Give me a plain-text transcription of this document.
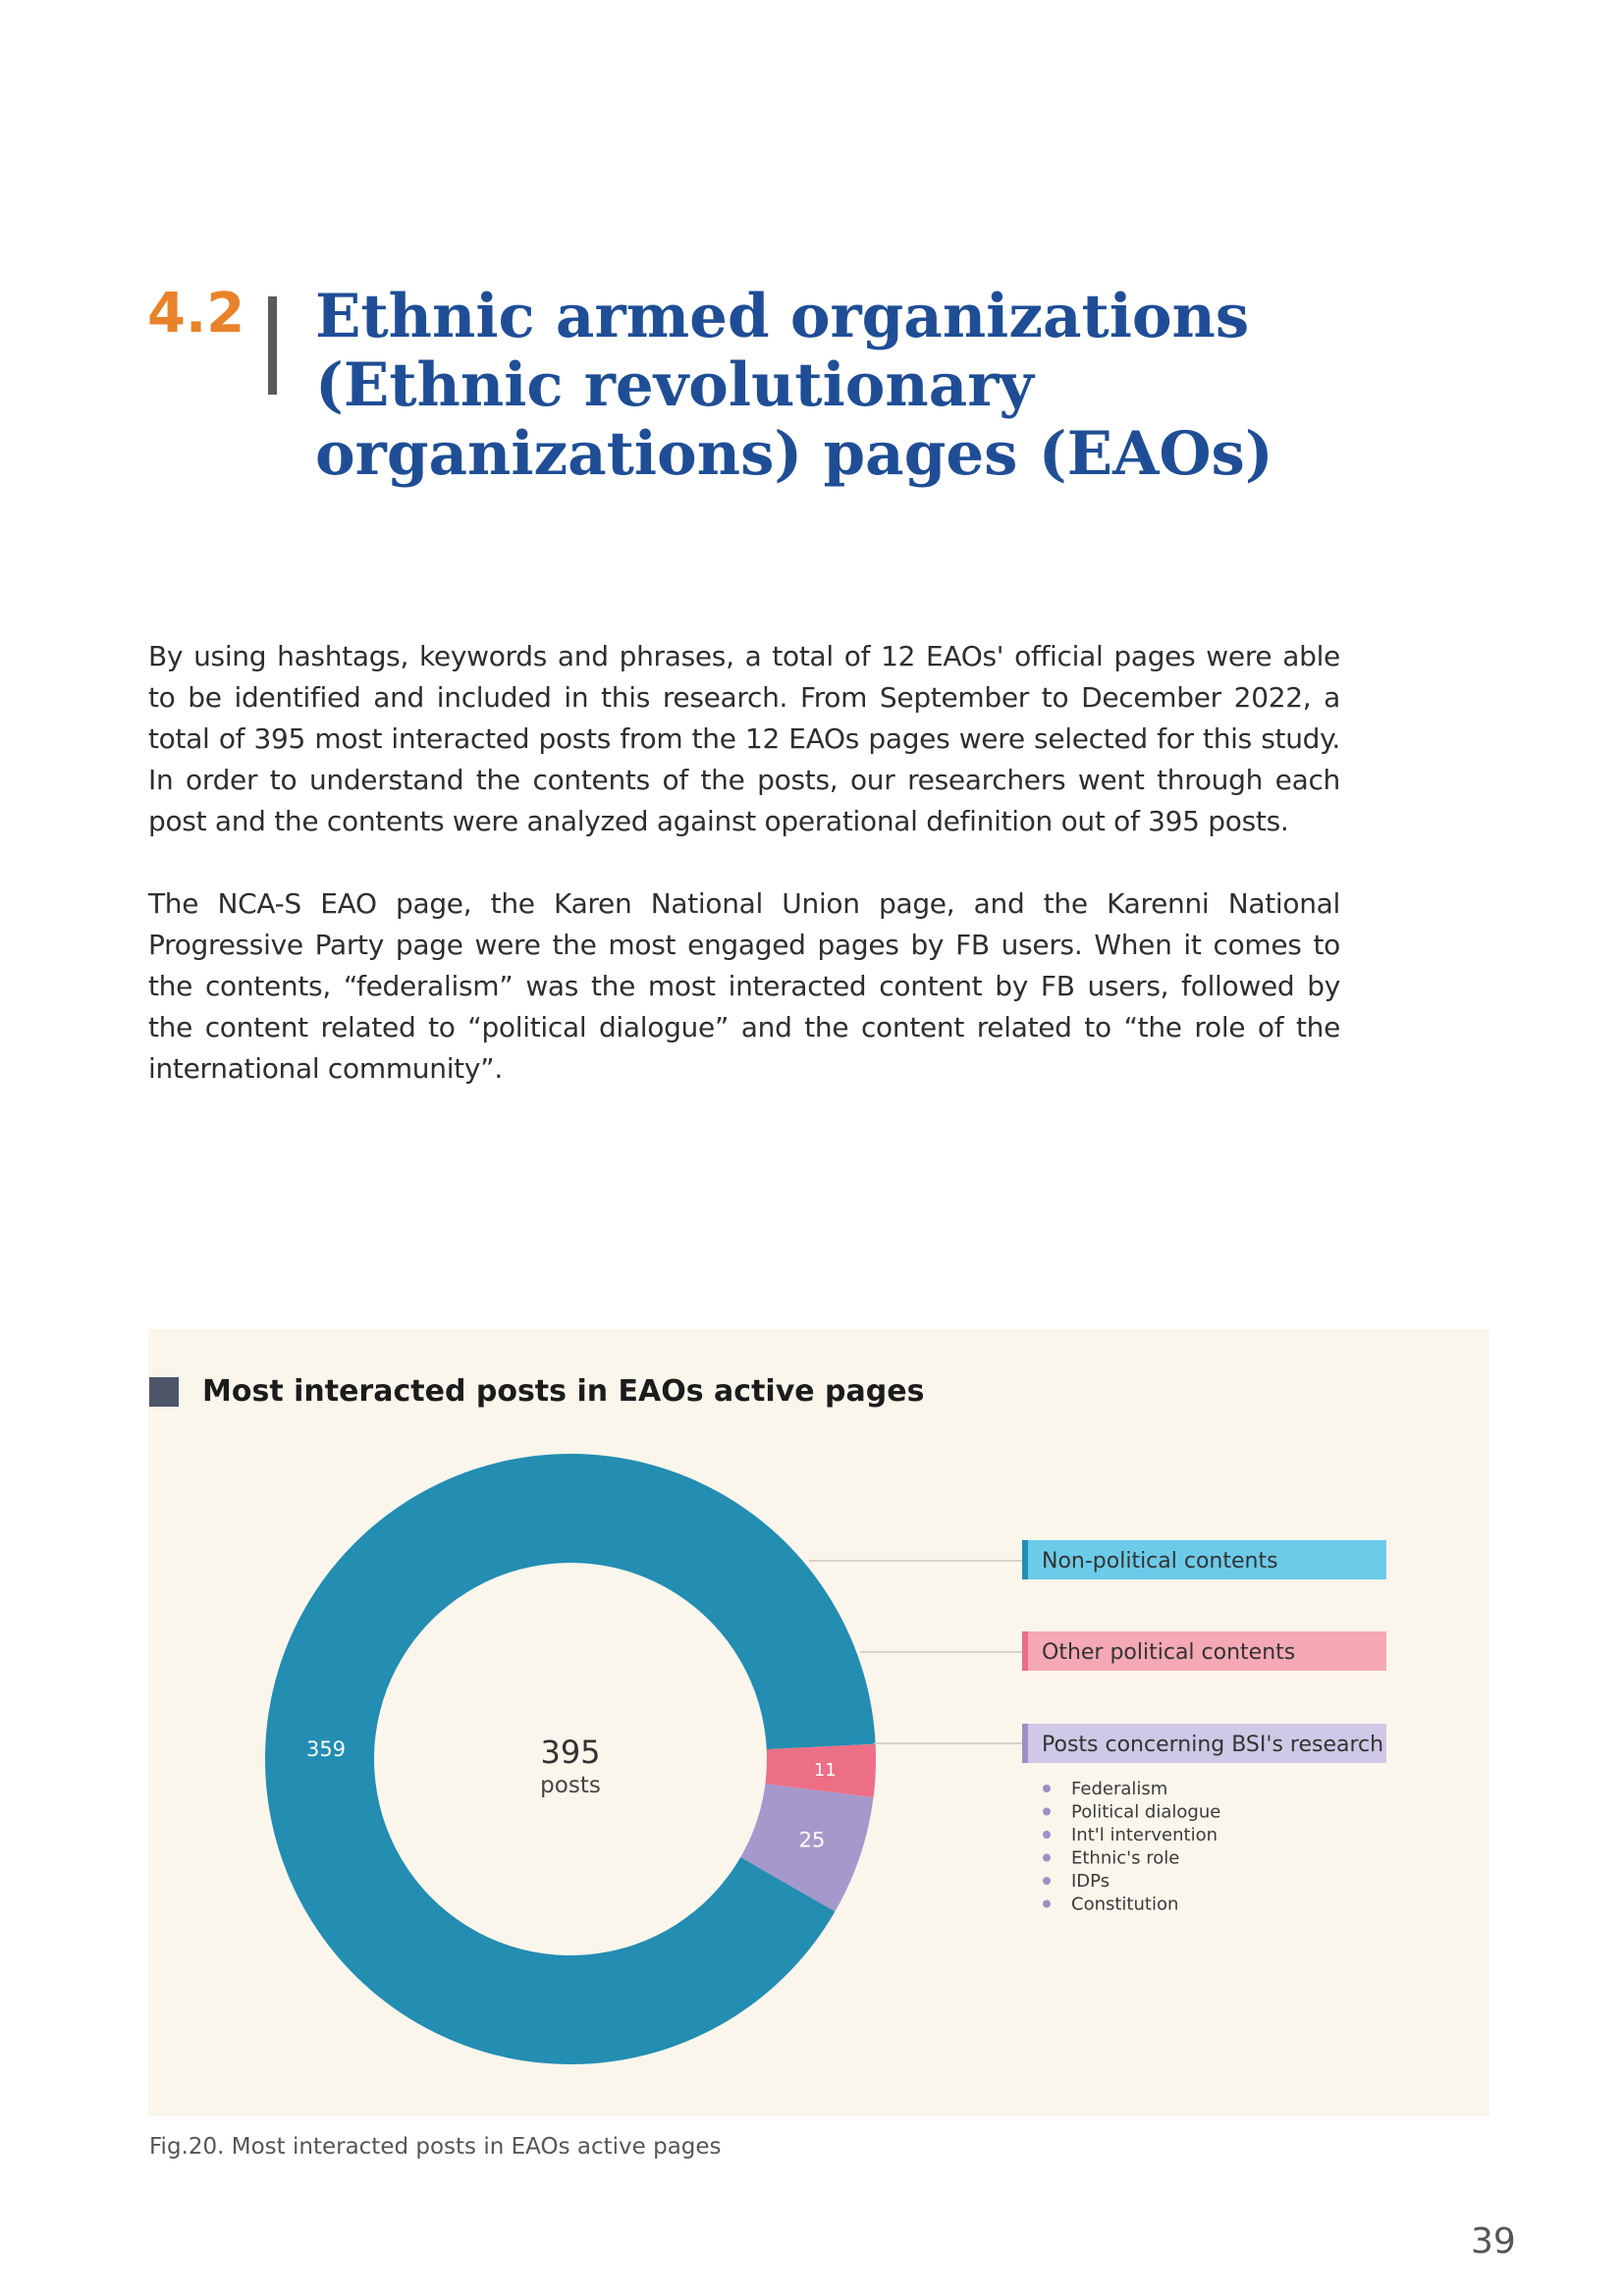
4.2 Ethnic armed organizations (Ethnic revolutionary organizations) pages (EAOs)

By using hashtags, keywords and phrases, a total of 12 EAOs' official pages were able to be identified and included in this research. From September to December 2022, a total of 395 most interacted posts from the 12 EAOs pages were selected for this study. In order to understand the contents of the posts, our researchers went through each post and the contents were analyzed against operational definition out of 395 posts.

The NCA-S EAO page, the Karen National Union page, and the Karenni National Progressive Party page were the most engaged pages by FB users. When it comes to the contents, “federalism” was the most interacted content by FB users, followed by the content related to “political dialogue” and the content related to “the role of the international community”.

Most interacted posts in EAOs active pages
359
11
25
395
posts
Non-political contents
Other political contents
Posts concerning BSI's research
Federalism
Political dialogue
Int'l intervention
Ethnic's role
IDPs
Constitution

Fig.20. Most interacted posts in EAOs active pages

39
